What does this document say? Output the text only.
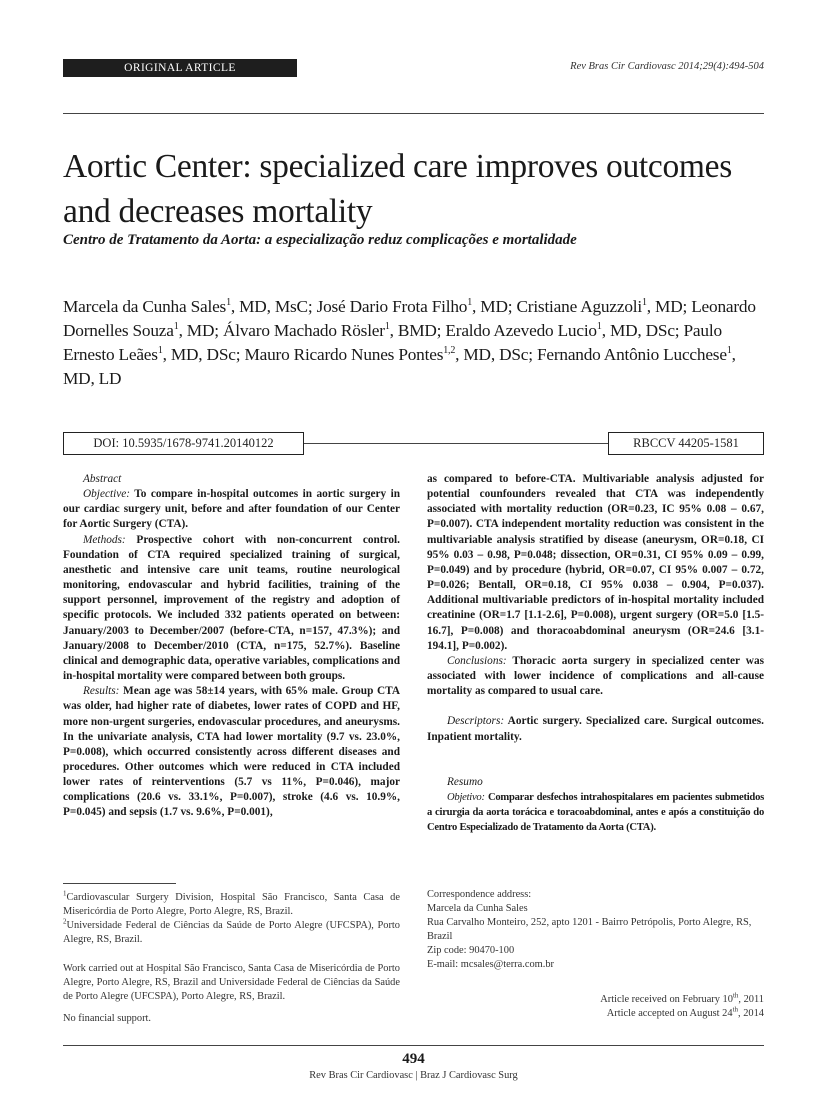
ORIGINAL ARTICLE	Rev Bras Cir Cardiovasc 2014;29(4):494-504
Aortic Center: specialized care improves outcomes
and decreases mortality
Centro de Tratamento da Aorta: a especialização reduz complicações e mortalidade
Marcela da Cunha Sales$^1$, MD, MsC; José Dario Frota Filho$^1$, MD; Cristiane Aguzzoli$^1$, MD; Leonardo Dornelles Souza$^1$, MD; Álvaro Machado Rösler$^1$, BMD; Eraldo Azevedo Lucio$^1$, MD, DSc; Paulo Ernesto Leães$^1$, MD, DSc; Mauro Ricardo Nunes Pontes$^{1,2}$, MD, DSc; Fernando Antônio Lucchese$^1$, MD, LD
DOI: 10.5935/1678-9741.20140122	RBCCV 44205-1581

Abstract

Objective: To compare in-hospital outcomes in aortic surgery in our cardiac surgery unit, before and after foundation of our Center for Aortic Surgery (CTA).

Methods: Prospective cohort with non-concurrent control. Foundation of CTA required specialized training of surgical, anesthetic and intensive care unit teams, routine neurological monitoring, endovascular and hybrid facilities, training of the support personnel, improvement of the registry and adoption of specific protocols. We included 332 patients operated on between: January/2003 to December/2007 (before-CTA, n=157, 47.3%); and January/2008 to December/2010 (CTA, n=175, 52.7%). Baseline clinical and demographic data, operative variables, complications and in-hospital mortality were compared between both groups.

Results: Mean age was 58±14 years, with 65% male. Group CTA was older, had higher rate of diabetes, lower rates of COPD and HF, more non-urgent surgeries, endovascular procedures, and aneurysms. In the univariate analysis, CTA had lower mortality (9.7 vs. 23.0%, P=0.008), which occurred consistently across different diseases and procedures. Other outcomes which were reduced in CTA included lower rates of reinterventions (5.7 vs 11%, P=0.046), major complications (20.6 vs. 33.1%, P=0.007), stroke (4.6 vs. 10.9%, P=0.045) and sepsis (1.7 vs. 9.6%, P=0.001),

as compared to before-CTA. Multivariable analysis adjusted for potential counfounders revealed that CTA was independently associated with mortality reduction (OR=0.23, IC 95% 0.08 – 0.67, P=0.007). CTA independent mortality reduction was consistent in the multivariable analysis stratified by disease (aneurysm, OR=0.18, CI 95% 0.03 – 0.98, P=0.048; dissection, OR=0.31, CI 95% 0.09 – 0.99, P=0.049) and by procedure (hybrid, OR=0.07, CI 95% 0.007 – 0.72, P=0.026; Bentall, OR=0.18, CI 95% 0.038 – 0.904, P=0.037). Additional multivariable predictors of in-hospital mortality included creatinine (OR=1.7 [1.1-2.6], P=0.008), urgent surgery (OR=5.0 [1.5-16.7], P=0.008) and thoracoabdominal aneurysm (OR=24.6 [3.1-194.1], P=0.002).

Conclusions: Thoracic aorta surgery in specialized center was associated with lower incidence of complications and all-cause mortality as compared to usual care.

Descriptors: Aortic surgery. Specialized care. Surgical outcomes. Inpatient mortality.

Resumo

Objetivo: Comparar desfechos intrahospitalares em pacientes submetidos a cirurgia da aorta torácica e toracoabdominal, antes e após a constituição do Centro Especializado de Tratamento da Aorta (CTA).

$^1$Cardiovascular Surgery Division, Hospital São Francisco, Santa Casa de Misericórdia de Porto Alegre, Porto Alegre, RS, Brazil.
$^2$Universidade Federal de Ciências da Saúde de Porto Alegre (UFCSPA), Porto Alegre, RS, Brazil.
Work carried out at Hospital São Francisco, Santa Casa de Misericórdia de Porto Alegre, Porto Alegre, RS, Brazil and Universidade Federal de Ciências da Saúde de Porto Alegre (UFCSPA), Porto Alegre, RS, Brazil.
No financial support.
Correspondence address:
Marcela da Cunha Sales
Rua Carvalho Monteiro, 252, apto 1201 - Bairro Petrópolis, Porto Alegre, RS, Brazil
Zip code: 90470-100
E-mail: mcsales@terra.com.br
Article received on February 10th, 2011
Article accepted on August 24th, 2014
494
Rev Bras Cir Cardiovasc | Braz J Cardiovasc Surg
